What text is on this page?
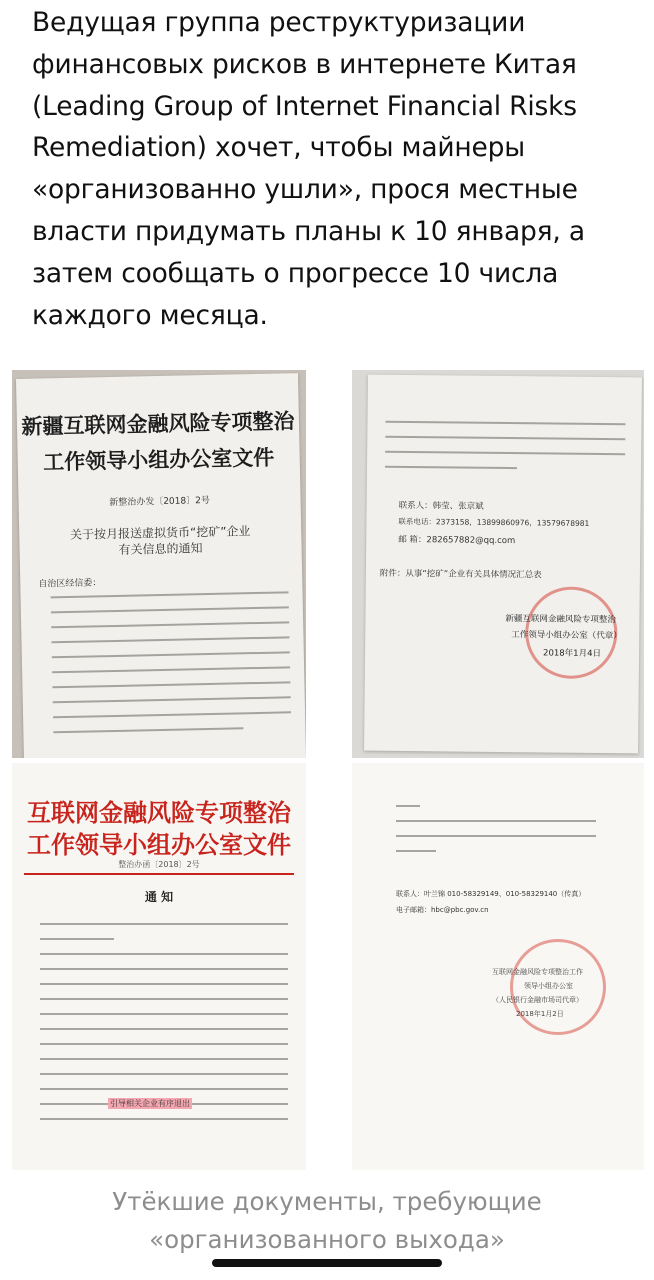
Ведущая группа реструктуризации
финансовых рисков в интернете Китая
(Leading Group of Internet Financial Risks
Remediation) хочет, чтобы майнеры
«организованно ушли», прося местные
власти придумать планы к 10 января, а
затем сообщать о прогрессе 10 числа
каждого месяца.
新疆互联网金融风险专项整治
工作领导小组办公室文件
新整治办发〔2018〕2号
关于按月报送虚拟货币“挖矿”企业
有关信息的通知
自治区经信委：
联系人：韩莹、张京斌
联系电话：2373158，13899860976，13579678981
邮 箱：282657882@qq.com
附件：从事“挖矿”企业有关具体情况汇总表
新疆互联网金融风险专项整治
工作领导小组办公室（代章）
2018年1月4日
互联网金融风险专项整治
工作领导小组办公室文件
整治办函〔2018〕2号
通 知
引导相关企业有序退出
联系人：叶兰锦 010-58329149、010-58329140（传真）
电子邮箱：hbc@pbc.gov.cn
互联网金融风险专项整治工作
领导小组办公室
（人民银行金融市场司代章）
2018年1月2日
Утёкшие документы, требующие
«организованного выхода»
